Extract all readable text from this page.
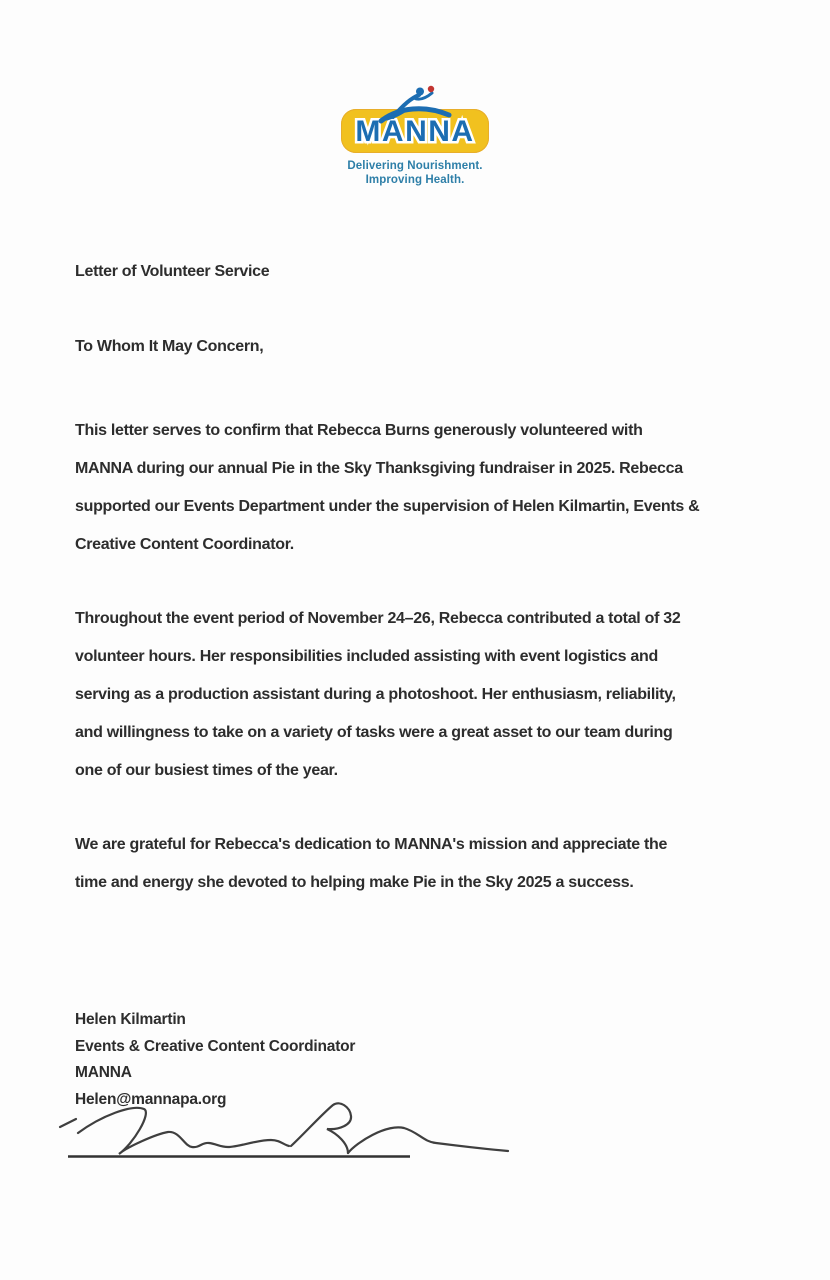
MANNA MANNA
Delivering Nourishment.
Improving Health.
Letter of Volunteer Service
To Whom It May Concern,
This letter serves to confirm that Rebecca Burns generously volunteered with
MANNA during our annual Pie in the Sky Thanksgiving fundraiser in 2025. Rebecca
supported our Events Department under the supervision of Helen Kilmartin, Events &
Creative Content Coordinator.
Throughout the event period of November 24–26, Rebecca contributed a total of 32
volunteer hours. Her responsibilities included assisting with event logistics and
serving as a production assistant during a photoshoot. Her enthusiasm, reliability,
and willingness to take on a variety of tasks were a great asset to our team during
one of our busiest times of the year.
We are grateful for Rebecca's dedication to MANNA's mission and appreciate the
time and energy she devoted to helping make Pie in the Sky 2025 a success.
Helen Kilmartin
Events & Creative Content Coordinator
MANNA
Helen@mannapa.org
